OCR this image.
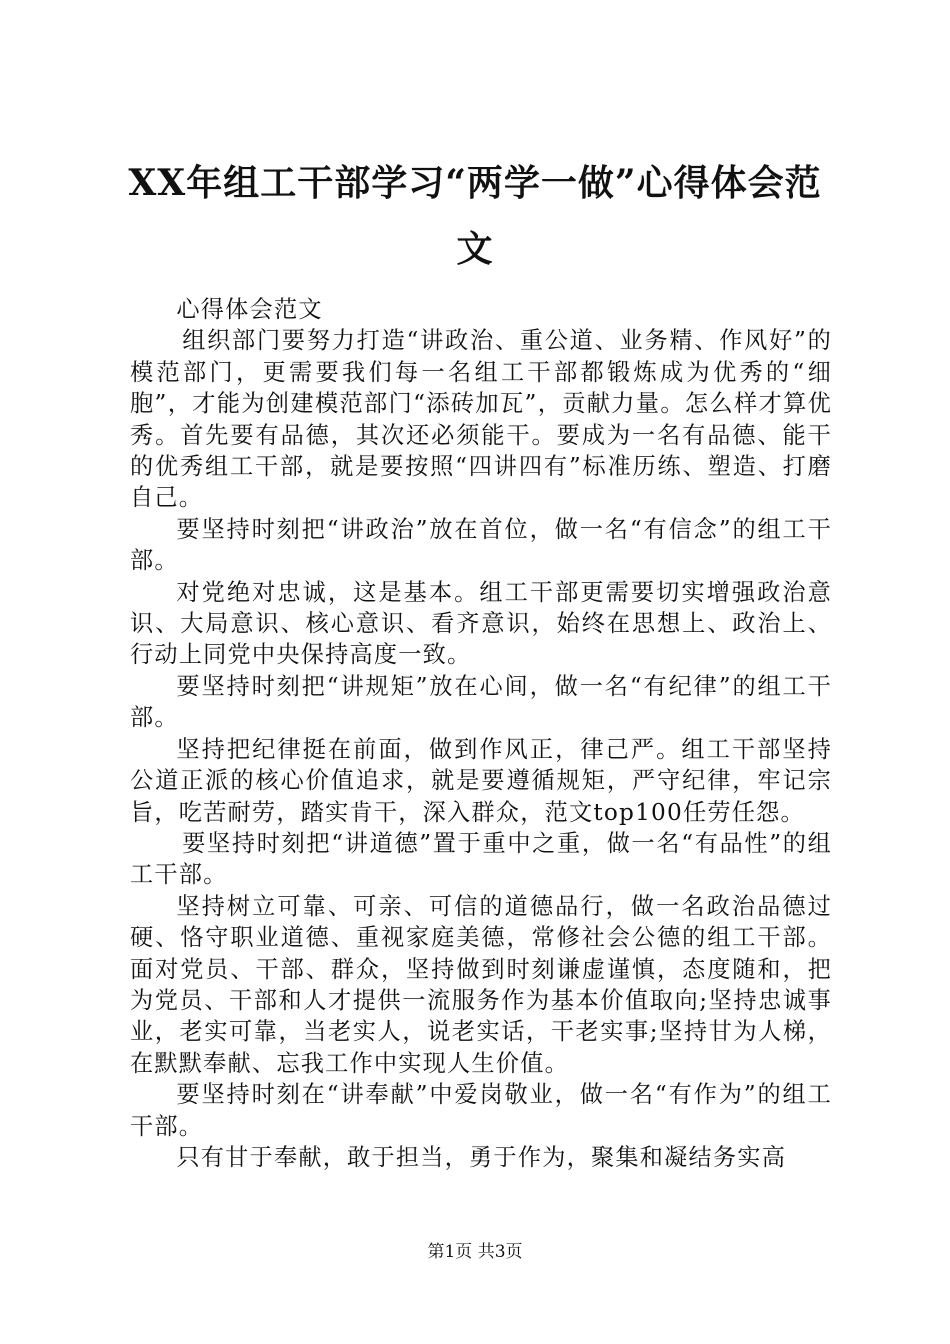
XX年组工干部学习“两学一做”心得体会范文

心得体会范文

组织部门要努力打造“讲政治、重公道、业务精、作风好”的模范部门，更需要我们每一名组工干部都锻炼成为优秀的“细胞”，才能为创建模范部门“添砖加瓦”，贡献力量。怎么样才算优秀。首先要有品德，其次还必须能干。要成为一名有品德、能干的优秀组工干部，就是要按照“四讲四有”标准历练、塑造、打磨自己。

要坚持时刻把“讲政治”放在首位，做一名“有信念”的组工干部。

对党绝对忠诚，这是基本。组工干部更需要切实增强政治意识、大局意识、核心意识、看齐意识，始终在思想上、政治上、行动上同党中央保持高度一致。

要坚持时刻把“讲规矩”放在心间，做一名“有纪律”的组工干部。

坚持把纪律挺在前面，做到作风正，律己严。组工干部坚持公道正派的核心价值追求，就是要遵循规矩，严守纪律，牢记宗旨，吃苦耐劳，踏实肯干，深入群众，范文top100任劳任怨。

要坚持时刻把“讲道德”置于重中之重，做一名“有品性”的组工干部。

坚持树立可靠、可亲、可信的道德品行，做一名政治品德过硬、恪守职业道德、重视家庭美德，常修社会公德的组工干部。面对党员、干部、群众，坚持做到时刻谦虚谨慎，态度随和，把为党员、干部和人才提供一流服务作为基本价值取向;坚持忠诚事业，老实可靠，当老实人，说老实话，干老实事;坚持甘为人梯，在默默奉献、忘我工作中实现人生价值。

要坚持时刻在“讲奉献”中爱岗敬业，做一名“有作为”的组工干部。

只有甘于奉献，敢于担当，勇于作为，聚集和凝结务实高

第1页 共3页
